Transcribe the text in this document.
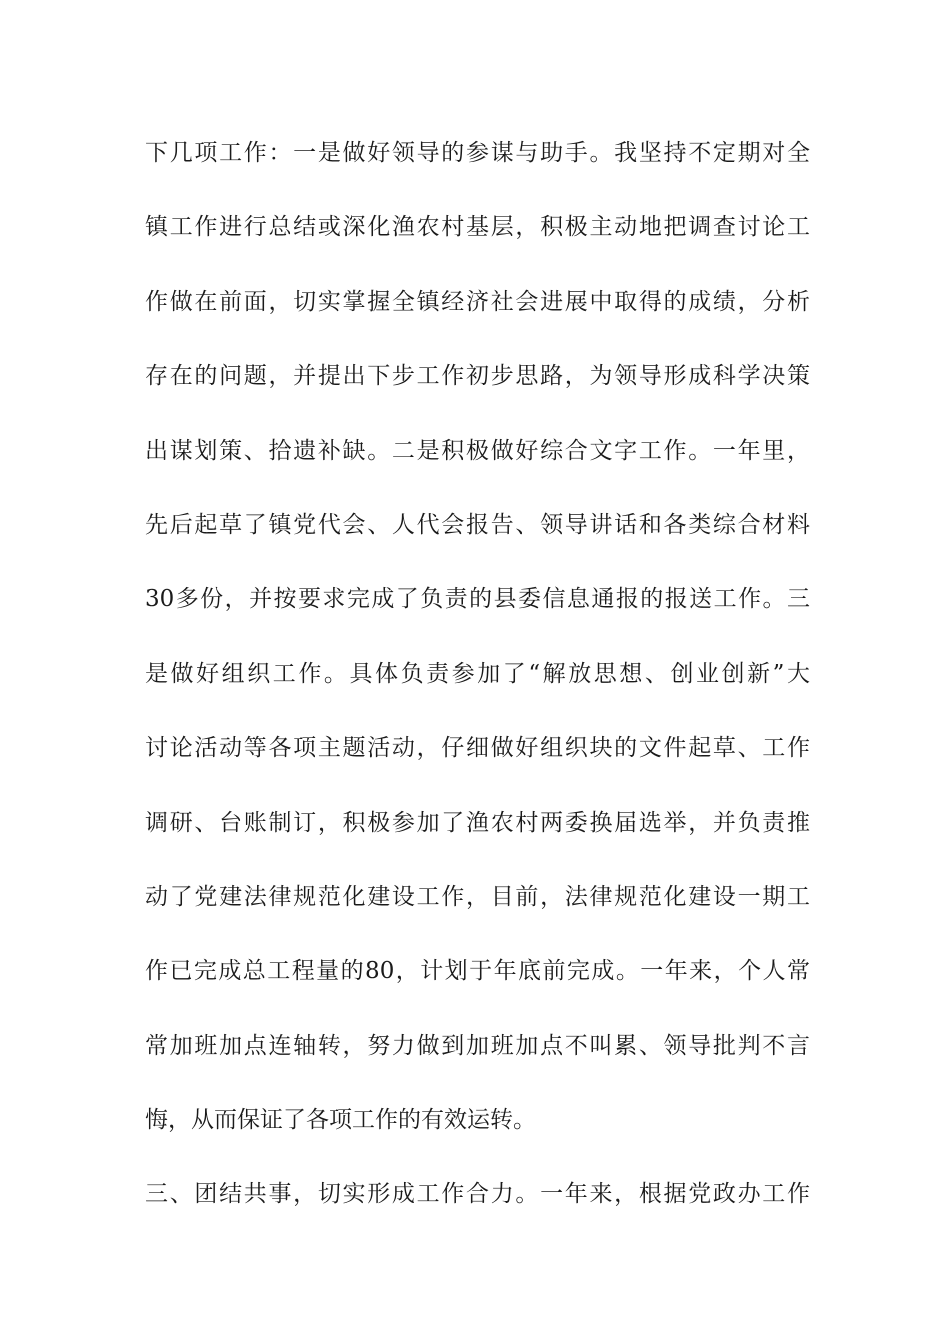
下几项工作：一是做好领导的参谋与助手。我坚持不定期对全
镇工作进行总结或深化渔农村基层，积极主动地把调查讨论工
作做在前面，切实掌握全镇经济社会进展中取得的成绩，分析
存在的问题，并提出下步工作初步思路，为领导形成科学决策
出谋划策、拾遗补缺。二是积极做好综合文字工作。一年里，
先后起草了镇党代会、人代会报告、领导讲话和各类综合材料
30多份，并按要求完成了负责的县委信息通报的报送工作。三
是做好组织工作。具体负责参加了“解放思想、创业创新”大
讨论活动等各项主题活动，仔细做好组织块的文件起草、工作
调研、台账制订，积极参加了渔农村两委换届选举，并负责推
动了党建法律规范化建设工作，目前，法律规范化建设一期工
作已完成总工程量的80，计划于年底前完成。一年来，个人常
常加班加点连轴转，努力做到加班加点不叫累、领导批判不言
悔，从而保证了各项工作的有效运转。
三、团结共事，切实形成工作合力。一年来，根据党政办工作
